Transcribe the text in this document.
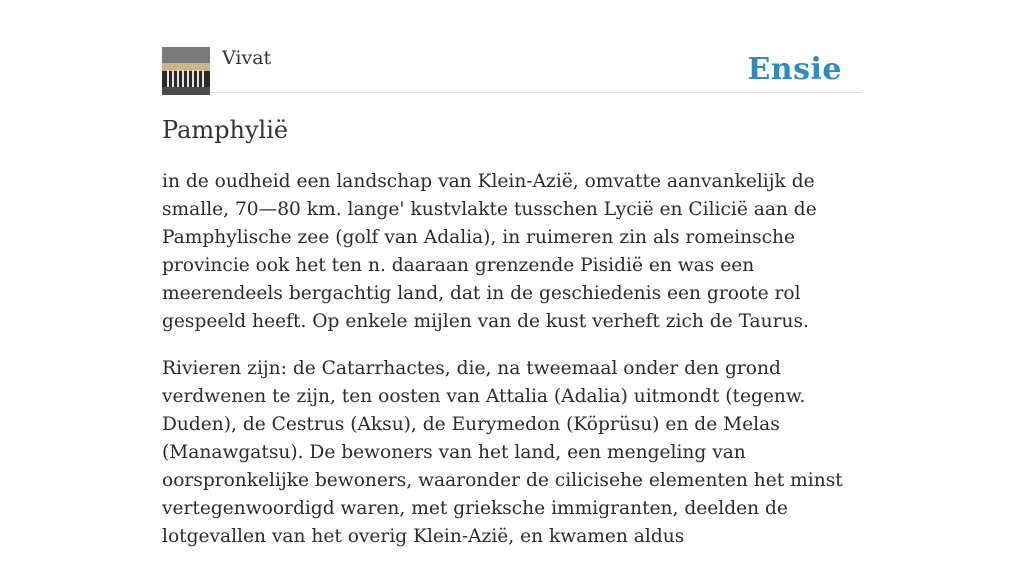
Vivat	Ensie
Pamphylië

in de oudheid een landschap van Klein-Azië, omvatte aanvankelijk de smalle, 70—80 km. lange' kustvlakte tusschen Lycië en Cilicië aan de Pamphylische zee (golf van Adalia), in ruimeren zin als romeinsche provincie ook het ten n. daaraan grenzende Pisidië en was een meerendeels bergachtig land, dat in de geschiedenis een groote rol gespeeld heeft. Op enkele mijlen van de kust verheft zich de Taurus.

Rivieren zijn: de Catarrhactes, die, na tweemaal onder den grond verdwenen te zijn, ten oosten van Attalia (Adalia) uitmondt (tegenw. Duden), de Cestrus (Aksu), de Eurymedon (Köprüsu) en de Melas (Manawgatsu). De bewoners van het land, een mengeling van oorspronkelijke bewoners, waaronder de cilicisehe elementen het minst vertegenwoordigd waren, met grieksche immigranten, deelden de lotgevallen van het overig Klein-Azië, en kwamen aldus
